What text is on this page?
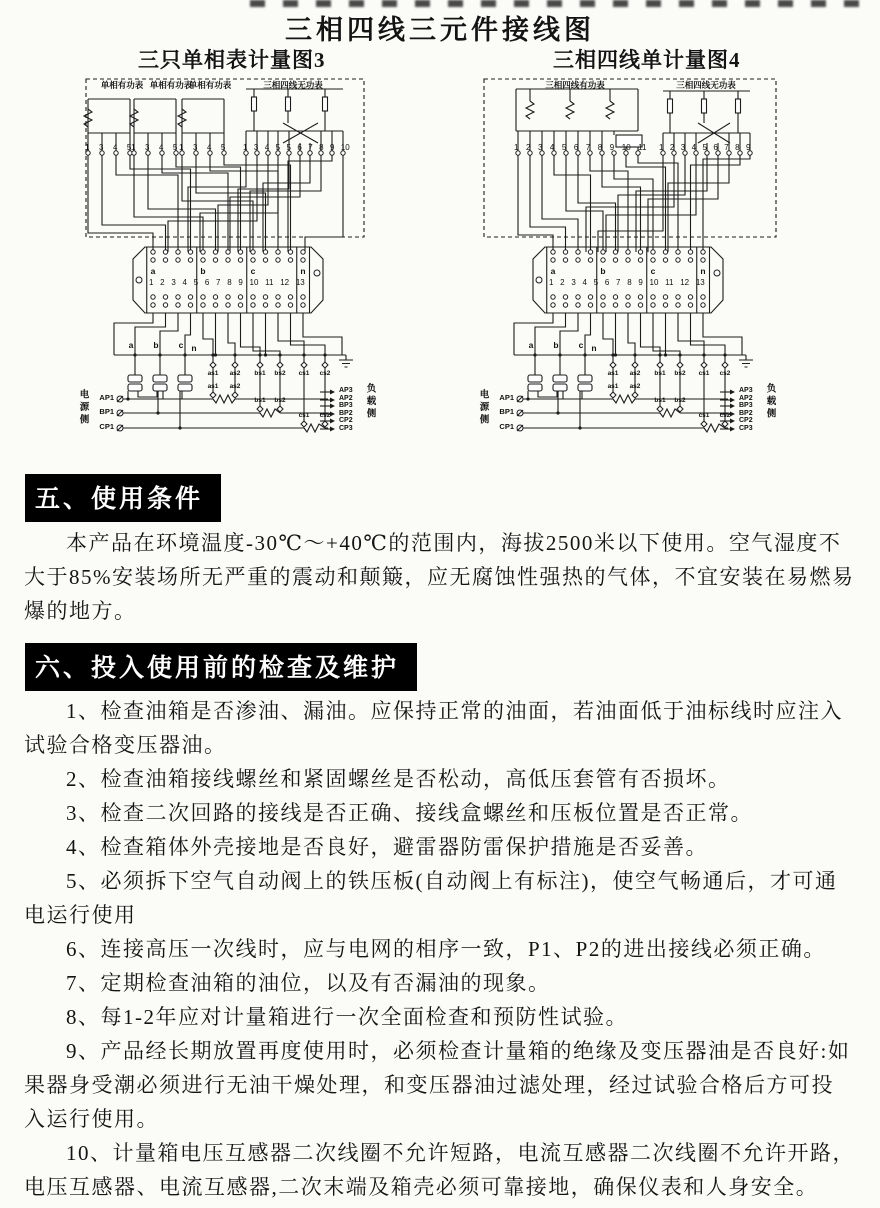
三相四线三元件接线图
三只单相表计量图3	三相四线单计量图4
单相有功表 单相有功表
单相有功表	三相四线无功表
1 3 4 5 1 3 4 5 1 3 4 5 1 3 4 5 5 6 7 8 9 10
a	b	c	n
1 2 3 4 5 6 7 8 9 10 11 12 13
a b c n
as1 as2 bs1 bs2 cs1 cs2
as1 as2
bs1 bs2
cs1 cs2
AP1
BP1
CP1
AP3
AP2
BP3
BP2
CP2
CP3
电源侧	负载侧
三相四线有功表	三相四线无功表
1 2 3 4 5 6 7 8 9 10 11 1 2 3 4 5 6 7 8 9
a	b	c	n
1 2 3 4 5 6 7 8 9 10 11 12 13
a b c n
as1 as2 bs1 bs2 cs1 cs2
as1 as2
bs1 bs2
cs1 cs2
AP1
BP1
CP1
AP3
AP2
BP3
BP2
CP2
CP3
电源侧	负载侧
五、使用条件

本产品在环境温度-30℃～+40℃的范围内，海拔2500米以下使用。空气湿度不大于85%安装场所无严重的震动和颠簸，应无腐蚀性强热的气体，不宜安装在易燃易爆的地方。

六、投入使用前的检查及维护

1、检查油箱是否渗油、漏油。应保持正常的油面，若油面低于油标线时应注入试验合格变压器油。

2、检查油箱接线螺丝和紧固螺丝是否松动，高低压套管有否损坏。

3、检查二次回路的接线是否正确、接线盒螺丝和压板位置是否正常。

4、检查箱体外壳接地是否良好，避雷器防雷保护措施是否妥善。

5、必须拆下空气自动阀上的铁压板(自动阀上有标注)，使空气畅通后，才可通电运行使用

6、连接高压一次线时，应与电网的相序一致，P1、P2的进出接线必须正确。

7、定期检查油箱的油位，以及有否漏油的现象。

8、每1-2年应对计量箱进行一次全面检查和预防性试验。

9、产品经长期放置再度使用时，必须检查计量箱的绝缘及变压器油是否良好:如果器身受潮必须进行无油干燥处理，和变压器油过滤处理，经过试验合格后方可投入运行使用。

10、计量箱电压互感器二次线圈不允许短路，电流互感器二次线圈不允许开路，电压互感器、电流互感器,二次末端及箱壳必须可靠接地，确保仪表和人身安全。
